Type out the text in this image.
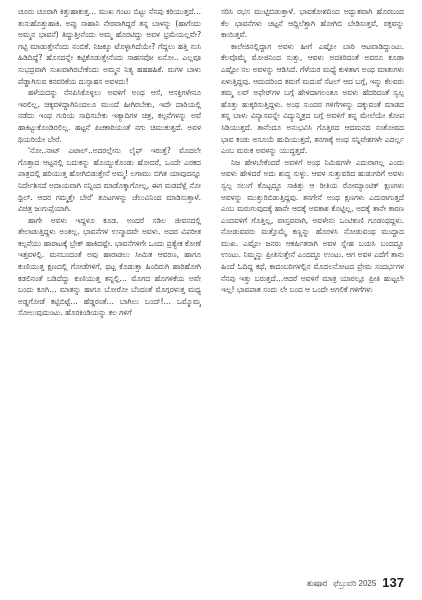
ಚೂರು ಚೂರಾಗಿ ಕಿತ್ತುಹಾಕುತ್ತ… ಮುಖ ಗಂಟು ಬಿಟ್ಟು ನೆನಪು ಕರಿಯುತ್ತದೆ… ತುಸುಹೊತ್ತುಹಾಕಿ. ಅಪ್ಪು ಸಾಹಾನಿ ನೇರವಾಗಿದ್ದರೆ ತನ್ನ ಬಾಳನ್ನು (ಹಾಗೆಂದು ಅಮ್ಮನ ಭಾವನೆ) ತಿದ್ದುತ್ತೀನೆಂದು ಅಮ್ಮ ಹೊರಟಿದ್ದು ಅವಳ ಭ್ರಮೆಯಲ್ಲವೇ? ಗಟ್ಟಿ ಮಾಡುತ್ತೇನೆಂದು ನಂಬಿಕೆ. ನಿಜಕ್ಕೂ ಟೊಳ್ಳಾಗಿದೆಯೇ? ಗೆದ್ದಲು ಹತ್ತಿ ನುಸಿ ಹಿಡಿದಿದ್ದೆ? ಹೊಸದನ್ನೇ ಕಟ್ಟಿಕೊಡುತ್ತೇನೆಂದು ಸಾಹಸವೋ ಏನೋ.. ಎಲ್ಲವೂ ಸುಭದ್ರವಾಗಿ ಸುಖವಾಗಿರಬೇಕೆಂದು ಅಮ್ಮನ ನಿತ್ಯ ಹಹಹಹಿಕೆ. ಮಗಳ ಬಾಳು ಪೆಡ್ಡಾಗಿಸುವ ಕನವರಿಕೆಯ ದುಸ್ಸಾಹಸ ಅವಳದು!

ಹಳೆಯದನ್ನು ನೆನಪಿಸಿಕೊಳ್ಳಲು ಅವಳಿಗೆ ಅಂಥ ಆಸೆ, ಆಸಕ್ತಿಗಳೇನೂ ಇರಲಿಲ್ಲ. ಚಿಕ್ಕವಳಿದ್ದಾಗಿನಿಂದಲೂ ಮುಂದೆ ಹೀಗಿರಬೇಕು, ಇದೇ ದಾರಿಯಲ್ಲಿ ನಡೆದು ಇಂಥ ಗುರಿಯ ಸಾಧಿಸಬೇಕು ಇತ್ಯಾದಿಗಳ ಚಿತ್ರ, ಕಲ್ಪನೆಗಳನ್ನು ಅವೆ ಹಾಕಿಟ್ಟುಕೊಂಡಿರಲಿಲ್ಲ. ಹಟ್ಟನೆ ಪಿಚಕಾರಿಯಂತೆ ನಗು ಚಿಮುಕುತ್ತದೆ. ಅವಳ ಥಿಯರಿಯೇ ಬೇರೆ.

'ನೋ..ನಾಟ್ ಎಟಾಲ್..ಅದರಲ್ಲೇನು ಲೈಫ್ ಇರುತ್ತೆ? ಮೊದಲೇ ಗೊತ್ತಾದ ಆಟ್ಟನಲ್ಲಿ ಬದುಕನ್ನು ಹೊಯ್ದುಕೊಂಡು ಹೋದರೆ, ಒಂದೇ ಎರಕದ ಪಾತ್ರದಲ್ಲಿ ಹರಿಯುತ್ತ ಹೋಗಿಬಿಡುತ್ತೇನೆ ಅಮ್ಮ! ಲಗಾಮು ಬಿಗಿತ ಯಾವುದನ್ನೂ ನಿರ್ದೇಶಿಸದೆ ಅದಾಯವಾಗಿ ನನ್ನಿಂದ ಮಾಡೊಕ್ಕಾಗೋಲ್ಲ, ಈಗ ಮಡದೆಳ್ಲೆ ನೋ ಥ್ರಿಲ್. ಆದರ ಗಮ್ಮತ್ತೇ ಬೇರೆ' ತೂಟಗಳನ್ನು ಚೆಲುವಿನಿಂದ ಮಾಡಿಸುತ್ತಾಳೆ. ವಿಚಿತ್ರ ಜುಗುಪ್ಸೆಯಾಗಿ.

ಹಾಗೇ ಅವಳು ಇದ್ದಳೂ ಕೂಡ. ಅಂದರೆ ಸಡಿಲ ಜೀವನದಲ್ಲಿ ತೇಲಾಡುತ್ತಿದ್ದಳು ಅಂತಲ್ಲ. ಭಾವನೆಗಳ ಉನ್ಮಾದವೇ ಅವಳು. ಅದರ ವಿಪರೀತ ಕಲ್ಪನೆಯು ಹಾರಾಟಕ್ಕೆ ಬ್ರೇಕ್ ಹಾಕಿದಷ್ಟೇ. ಭಾವನೆಗಳಿಗೇ ಒಂದು ಪ್ರತ್ಯೇಕ ಕೋಣೆ ಇತ್ತವಳಲ್ಲಿ. ಮನಬಂದಂತೆ ಅವು ಹಾರಾಡಲು ಸೀಮಿತ ಆವರಣ, ಹಾಗೂ ಕುಣಿಯುತ್ತ ಕ್ಷಣದಲ್ಲಿ ಗೋಡೆಗಳಿಗೆ, ಥಟ್ಟ ಕೊಡುತ್ತಾ ಹಿಂದಿರುಗಿ ಹಾರಿಹೋಗಿ ಕಡಲಿನಂತೆ ಬಡಿದೆದ್ದು ಕುಣಿಯುತ್ತ ತನ್ನಲ್ಲಿ… ಮೊಗದ ಹೊಗಳಿಕೆಯ ಅವೇ ಬಂದು ಕೂಗಿ… ಮಾತನ್ನು ಹಾಗೂ ಬೋರೋ ಬೆಂದಂತೆ ಮೊಗ್ಗರಳುತ್ತ ಮಧ್ಯ ಅಡ್ಡಗೋಡೆ ಕಟ್ಟಿಬಿಟ್ಟೆ… ಹೆಡ್ಡರಂತೆ… ಬಾಗಿಲು ಬಂದ್!… ಒಮ್ಮೊಮ್ಮ ಸೋಲುವುದುಂಟು. ಹೊರಕಿಂಡಿಯನ್ನು ಕಲ ಗಳಿಗೆ

ಸರಿಸಿ ರಭಸ ಮುಟ್ಟಿಬಿಡುತ್ತಾಳೆ. ಭಾವಕೋಶದಿಂದ ಅದ್ಭುತವಾಗಿ ಹೊರಬಂದ ಕೆಲ ಭಾವನೆಗಳು ಚಟ್ಟನೆ ಆದ್ದಿಲೆತ್ತಾಗಿ ಹೋಗಿಬಿ ಬೇಡಿಸುತ್ತವೆ, ರಕ್ತವನ್ನು ಕಾಯಿತ್ತವೆ.

ಕಾಲೇಜಿನಲ್ಲಿದ್ದಾಗ ಅವಳು ಹೀಗೆ ಎಷ್ಟೋ ಬಾರಿ ಆಟವಾಡಿದ್ದುಂಟು. ಕೆಲವೊಮ್ಮೆ ಮೋಜಿನಿಂದ ಸುತ್ತು, ಆವಳು ಅದಕಿರಿದಂತೆ ಅವರೂ ಕೂಡಾ ಎಷ್ಟೋ ಸಲ ಅವಳನ್ನು ಆಡಿಸಿದೆ. ಗೆಳೆಯರ ಮಧ್ಯೆ ಕುಳಿತಾಗ ಅಂಥ ಮಾತುಗಳು ಏಳುತ್ತಿದ್ದವು. ಆದುದರಿಂದ ತಮಗೆ ಮದುವೆ ಸೆಟಲ್ ಆದ ಬಗ್ಗೆ, ಇನ್ನು ಕೆಲವರು ತಮ್ಮ ಲವ್ ಅಫೇರ್‌ಗಳ ಬಗ್ಗೆ ಹೇಳಿದಾಗಲಂತೂ ಅವಳು ಹೆದರಿದಂತೆ ಸ್ವಲ್ಪ ಹೊತ್ತು ಹುಕ್ಕರಿಸುತ್ತಿದ್ದಳು. ಅಂಥ ಸುಂದರ ಗಳಿಗೆಗಳನ್ನು ದಕ್ಕುವಂತೆ ಮಾಡದ ತನ್ನ ಬಾಳು ವಿನ್ಯಾಸವನ್ನೇ ವಿದ್ಯುನ್ಮಿತ್ರದ ಬಗ್ಗೆ ಅವಳಿಗೆ ತನ್ನ ಮೇಲೆಯೇ ಕೋಪ ಸಿಡಿಯುತ್ತದೆ. ತಾನೆಂದೂ ಅನುಭವಿಸಿ ಗೊತ್ತಿರದ ಆದಮನದ ಸಂತೋಷದ ಭಾವ ಕಂಡು ಅಸೂಯೆ ಹುದಿಯುತ್ತದೆ, ತನಗಾಕ್ಕೆ ಅಂಥ ಸನ್ನಿವೇಶಗಳೇ ಎದರ್ಲ್ಲ ಎಂಬ ಮರುಕ ಅವಳನ್ನು ಯುದ್ಧತ್ತದೆ.

ನಿಜ ಹೇಳಬೇಕೆಂದರೆ ಅವಳಿಗೆ ಅಂಥ ನಿಮಿಷಗಳೇ ಎದುರಾಗಲ್ಲ ಎಂದು ಅವಳು ಹೇಳಿದರೆ ಅದು ಶುದ್ಧ ಸುಳ್ಳು. ಆವಳ ಸುತ್ತುವರಿದ ಹುಡುಗರಿಗೆ ಅವಳು ಸ್ವಲ್ಪ ಸಲುಗೆ ಕೊಟ್ಟದ್ದೂ ಸಾಕಿತ್ತು ಆ ರೀತಿಯ ರೋಮ್ಯಾಂಟಿಕ್ ಕ್ಷಣಗಳು ಅವಳನ್ನು ಮುತ್ತುರಿಬಿಡುತ್ತಿದ್ದವು. ತನಗೇನೆ ಅಂಥ ಕ್ಷಣಗಳು ಎದುರಾಗುತ್ತದೆ ಎಂಬ ಮರುಗುವುದಕ್ಕೆ ಹಾನೇ ಆದಕ್ಕೆ ಅವಕಾಶ ಕೊಟ್ಟಿಲ್ಲ, ಅದಕ್ಕೆ ತಾನೇ ಕಾರಣ ಎಂದವಳಿಗೆ ಗೊತ್ತಿಲ್ಲ, ವಾಸ್ತವವಾಗಿ, ಅವಳೇನು ಒಂಟಿಕುಣಿ ಗೂಡಂಥದ್ದಳು. ನೋಡುವವರು ಮತ್ತೊಮ್ಮೆ ಕಣ್ಣನ್ನು ಹೊರಳಿಸಿ ನೋಡುವಂಥ ಮುದ್ದಾದ ಮುಖ. ಎಷ್ಟೋ ಜನರು ಆಕರ್ಷಿತರಾಗಿ ಅವಳ ಸ್ನೇಹ ಬಯಸಿ ಬಂದದ್ದೂ ಉಂಟು. ನಿಮ್ಮನ್ನು ಪ್ರೀತಿಸುತ್ತೇನೆ ಎಂದದ್ದೂ ಉಂಟು. ಆಗ ಅವಳ ಎದೆಗೆ ತಾನು ಹಿಂದೆ ಓದಿದ್ದ ಕಥೆ, ಕಾದಂಬರಿಗಳಲ್ಲಿನ ಮೊದಲನೋಟದ ಪ್ರೇಮ ಸಂದರ್ಭಗಳ ನೆನಪು ಇತ್ತು ಬರುತ್ತದೆ…ಆದರೆ ಅವಳಿಗೆ ಮಾತ್ರ ಯಾರಲ್ಲೂ ಪ್ರೀತಿ ಹುಟ್ಟಲೇ ಇಲ್ಲ! ಭಾವಪಾತ ಸಂದು ಲೇ ಬಂದ ಆ ಒಂದೇ ಅಗಲಿಕೆ ಗಳಿಗೆಗಳು

ತುಷಾರ ಫೆಬ್ರುವರಿ 2025 137
